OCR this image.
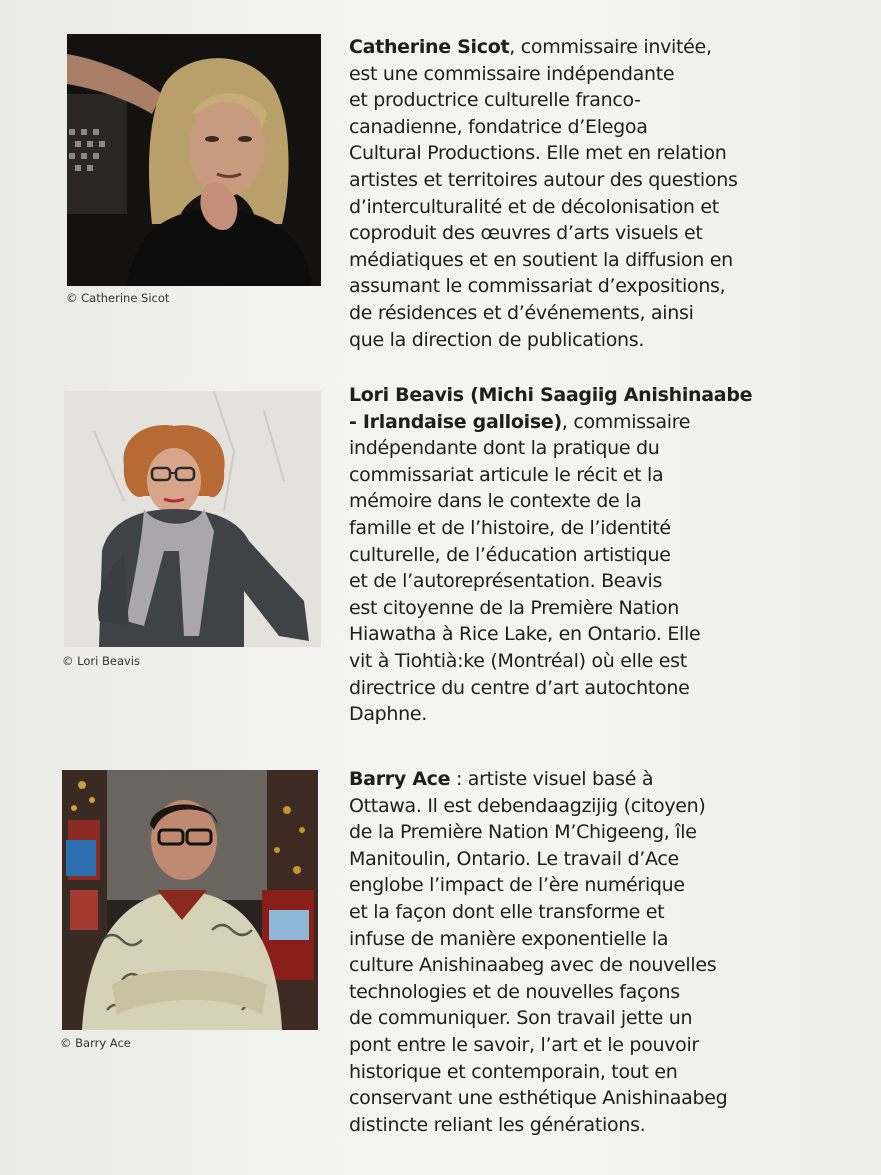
© Catherine Sicot
Catherine Sicot, commissaire invitée,
est une commissaire indépendante
et productrice culturelle franco-
canadienne, fondatrice d’Elegoa
Cultural Productions. Elle met en relation
artistes et territoires autour des questions
d’interculturalité et de décolonisation et
coproduit des œuvres d’arts visuels et
médiatiques et en soutient la diffusion en
assumant le commissariat d’expositions,
de résidences et d’événements, ainsi
que la direction de publications.
© Lori Beavis
Lori Beavis (Michi Saagiig Anishinaabe
- Irlandaise galloise), commissaire
indépendante dont la pratique du
commissariat articule le récit et la
mémoire dans le contexte de la
famille et de l’histoire, de l’identité
culturelle, de l’éducation artistique
et de l’autoreprésentation. Beavis
est citoyenne de la Première Nation
Hiawatha à Rice Lake, en Ontario. Elle
vit à Tiohtià:ke (Montréal) où elle est
directrice du centre d’art autochtone
Daphne.
© Barry Ace
Barry Ace : artiste visuel basé à
Ottawa. Il est debendaagzijig (citoyen)
de la Première Nation M’Chigeeng, île
Manitoulin, Ontario. Le travail d’Ace
englobe l’impact de l’ère numérique
et la façon dont elle transforme et
infuse de manière exponentielle la
culture Anishinaabeg avec de nouvelles
technologies et de nouvelles façons
de communiquer. Son travail jette un
pont entre le savoir, l’art et le pouvoir
historique et contemporain, tout en
conservant une esthétique Anishinaabeg
distincte reliant les générations.
